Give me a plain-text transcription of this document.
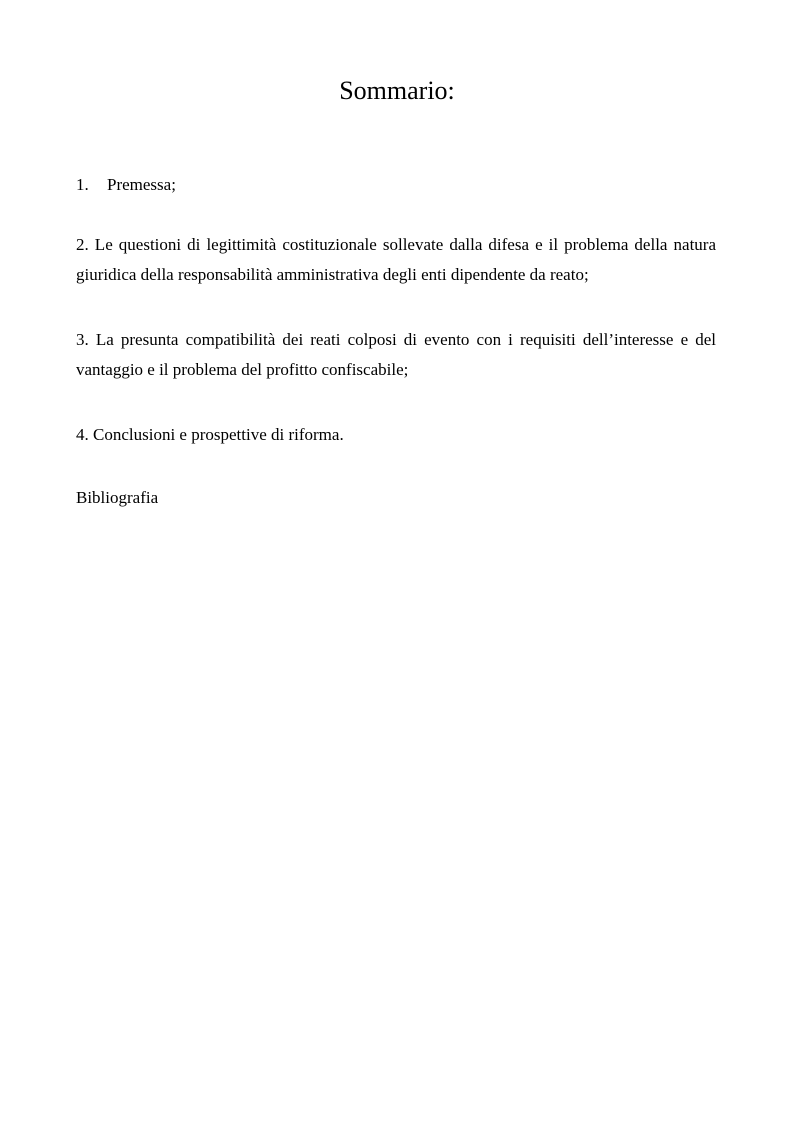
Sommario:

1. Premessa;

2. Le questioni di legittimità costituzionale sollevate dalla difesa e il problema della natura giuridica della responsabilità amministrativa degli enti dipendente da reato;

3. La presunta compatibilità dei reati colposi di evento con i requisiti dell’interesse e del vantaggio e il problema del profitto confiscabile;

4. Conclusioni e prospettive di riforma.

Bibliografia
